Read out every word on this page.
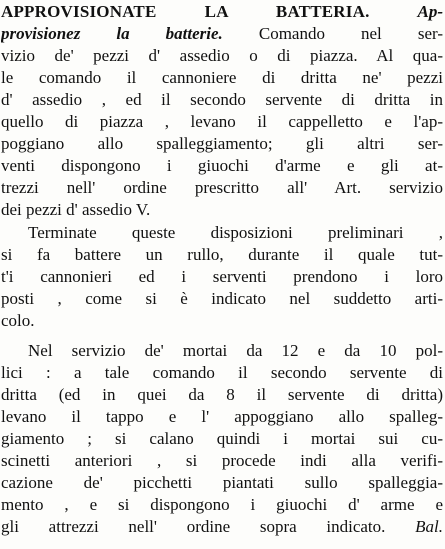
APPROVISIONATE LA BATTERIA.	Ap-
provisionez la batterie. Comando nel ser-
vizio de' pezzi d' assedio o di piazza. Al qua-
le comando il cannoniere di dritta ne' pezzi
d' assedio , ed il secondo servente di dritta in
quello di piazza , levano il cappelletto e l'ap-
poggiano allo spalleggiamento; gli altri ser-
venti dispongono i giuochi d'arme e gli at-
trezzi nell' ordine prescritto all' Art. servizio
dei pezzi d' assedio V.
Terminate queste disposizioni preliminari ,
si fa battere un rullo, durante il quale tut-
t'i cannonieri ed i serventi prendono i loro
posti , come si è indicato nel suddetto arti-
colo.
Nel servizio de' mortai da 12 e da 10 pol-
lici : a tale comando il secondo servente di
dritta (ed in quei da 8 il servente di dritta)
levano il tappo e l' appoggiano allo spalleg-
giamento ; si calano quindi i mortai sui cu-
scinetti anteriori , si procede indi alla verifi-
cazione de' picchetti piantati sullo spalleggia-
mento , e si dispongono i giuochi d' arme e
gli attrezzi nell' ordine sopra indicato. Bal.
